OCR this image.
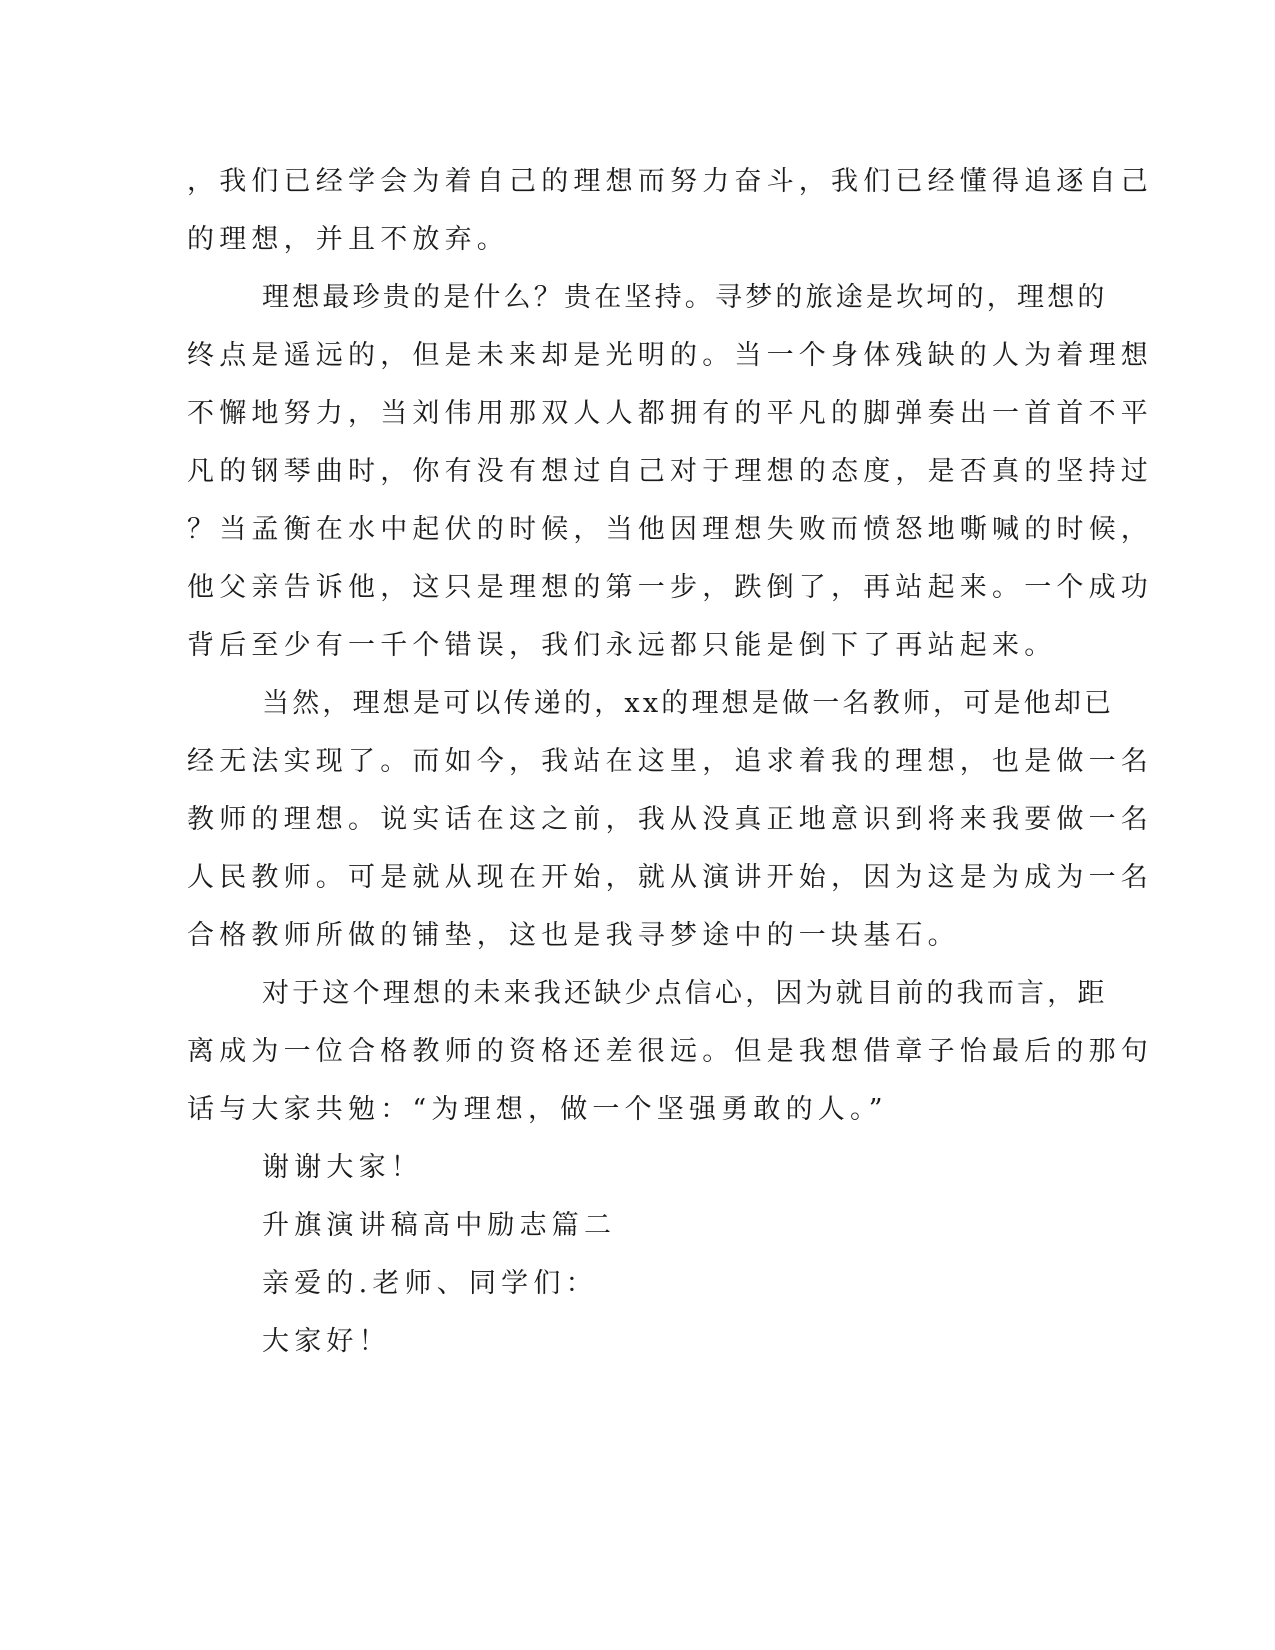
，我们已经学会为着自己的理想而努力奋斗，我们已经懂得追逐自己
的理想，并且不放弃。
理想最珍贵的是什么？贵在坚持。寻梦的旅途是坎坷的，理想的
终点是遥远的，但是未来却是光明的。当一个身体残缺的人为着理想
不懈地努力，当刘伟用那双人人都拥有的平凡的脚弹奏出一首首不平
凡的钢琴曲时，你有没有想过自己对于理想的态度，是否真的坚持过
？当孟衡在水中起伏的时候，当他因理想失败而愤怒地嘶喊的时候，
他父亲告诉他，这只是理想的第一步，跌倒了，再站起来。一个成功
背后至少有一千个错误，我们永远都只能是倒下了再站起来。
当然，理想是可以传递的，xx的理想是做一名教师，可是他却已
经无法实现了。而如今，我站在这里，追求着我的理想，也是做一名
教师的理想。说实话在这之前，我从没真正地意识到将来我要做一名
人民教师。可是就从现在开始，就从演讲开始，因为这是为成为一名
合格教师所做的铺垫，这也是我寻梦途中的一块基石。
对于这个理想的未来我还缺少点信心，因为就目前的我而言，距
离成为一位合格教师的资格还差很远。但是我想借章子怡最后的那句
话与大家共勉：“为理想，做一个坚强勇敢的人。”
谢谢大家！
升旗演讲稿高中励志篇二
亲爱的.老师、同学们：
大家好！
